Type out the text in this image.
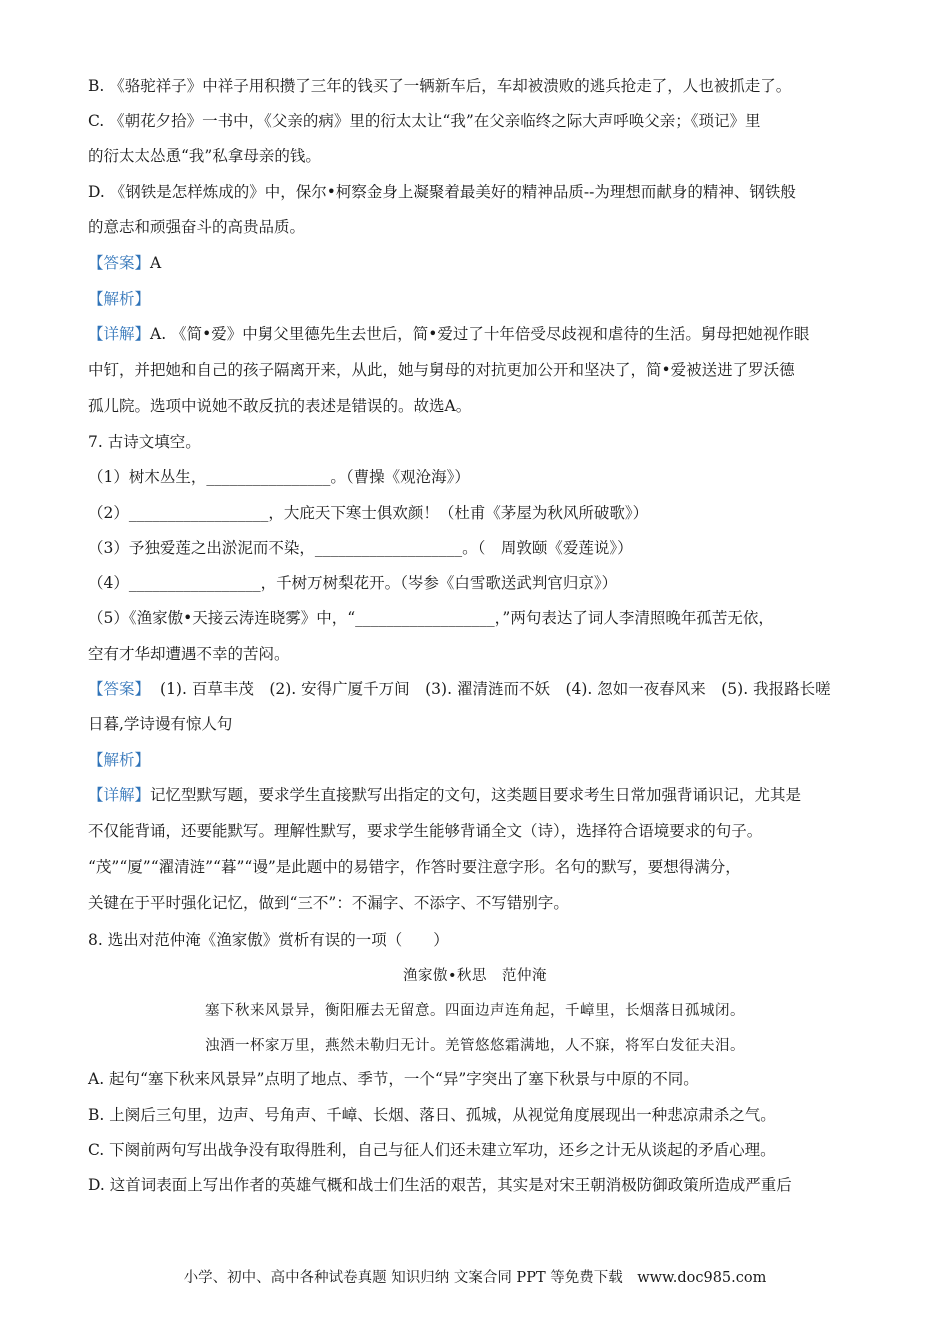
B. 《骆驼祥子》中祥子用积攒了三年的钱买了一辆新车后，车却被溃败的逃兵抢走了，人也被抓走了。
C. 《朝花夕拾》一书中，《父亲的病》里的衍太太让“我”在父亲临终之际大声呼唤父亲；《琐记》里
的衍太太怂恿“我”私拿母亲的钱。
D. 《钢铁是怎样炼成的》中，保尔•柯察金身上凝聚着最美好的精神品质--为理想而献身的精神、钢铁般
的意志和顽强奋斗的高贵品质。
【答案】A
【解析】
【详解】A. 《简•爱》中舅父里德先生去世后，简•爱过了十年倍受尽歧视和虐待的生活。舅母把她视作眼
中钉，并把她和自己的孩子隔离开来，从此，她与舅母的对抗更加公开和坚决了，简•爱被送进了罗沃德
孤儿院。选项中说她不敢反抗的表述是错误的。故选A。
7. 古诗文填空。
（1）树木丛生，________________。（曹操《观沧海》）
（2）__________________，大庇天下寒士俱欢颜！（杜甫《茅屋为秋风所破歌》）
（3）予独爱莲之出淤泥而不染，___________________。（　周敦颐《爱莲说》）
（4）_________________，千树万树梨花开。（岑参《白雪歌送武判官归京》）
（5）《渔家傲•天接云涛连晓雾》中，“__________________，”两句表达了词人李清照晚年孤苦无依，
空有才华却遭遇不幸的苦闷。
【答案】 (1). 百草丰茂　(2). 安得广厦千万间　(3). 濯清涟而不妖　(4). 忽如一夜春风来　(5). 我报路长嗟
日暮,学诗谩有惊人句
【解析】
【详解】记忆型默写题，要求学生直接默写出指定的文句，这类题目要求考生日常加强背诵识记，尤其是
不仅能背诵，还要能默写。理解性默写，要求学生能够背诵全文（诗），选择符合语境要求的句子。
“茂”“厦”“濯清涟”“暮”“谩”是此题中的易错字，作答时要注意字形。名句的默写，要想得满分，
关键在于平时强化记忆，做到“三不”：不漏字、不添字、不写错别字。
8. 选出对范仲淹《渔家傲》赏析有误的一项（　　）
渔家傲•秋思　范仲淹
塞下秋来风景异，衡阳雁去无留意。四面边声连角起，千嶂里，长烟落日孤城闭。
浊酒一杯家万里，燕然未勒归无计。羌管悠悠霜满地，人不寐，将军白发征夫泪。
A. 起句“塞下秋来风景异”点明了地点、季节，一个“异”字突出了塞下秋景与中原的不同。
B. 上阕后三句里，边声、号角声、千嶂、长烟、落日、孤城，从视觉角度展现出一种悲凉肃杀之气。
C. 下阕前两句写出战争没有取得胜利，自己与征人们还未建立军功，还乡之计无从谈起的矛盾心理。
D. 这首词表面上写出作者的英雄气概和战士们生活的艰苦，其实是对宋王朝消极防御政策所造成严重后
小学、初中、高中各种试卷真题 知识归纳 文案合同 PPT 等免费下载　www.doc985.com
